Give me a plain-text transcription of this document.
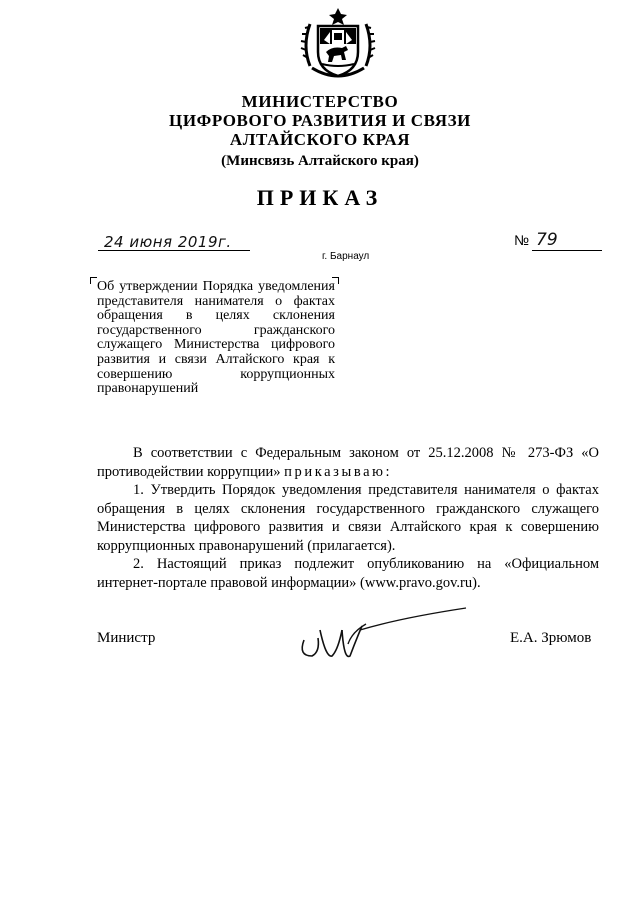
МИНИСТЕРСТВО
ЦИФРОВОГО РАЗВИТИЯ И СВЯЗИ
АЛТАЙСКОГО КРАЯ
(Минсвязь Алтайского края)
ПРИКАЗ
24 июня 2019г.
г. Барнаул
№ 79
Об утверждении Порядка уведомления представителя нанимателя о фактах обращения в целях склонения государственного гражданского служащего Министерства цифрового развития и связи Алтайского края к совершению коррупционных правонарушений

В соответствии с Федеральным законом от 25.12.2008 № 273-ФЗ «О противодействии коррупции» приказываю:

1. Утвердить Порядок уведомления представителя нанимателя о фактах обращения в целях склонения государственного гражданского служащего Министерства цифрового развития и связи Алтайского края к совершению коррупционных правонарушений (прилагается).

2. Настоящий приказ подлежит опубликованию на «Официальном интернет-портале правовой информации» (www.pravo.gov.ru).

Министр	Е.А. Зрюмов
